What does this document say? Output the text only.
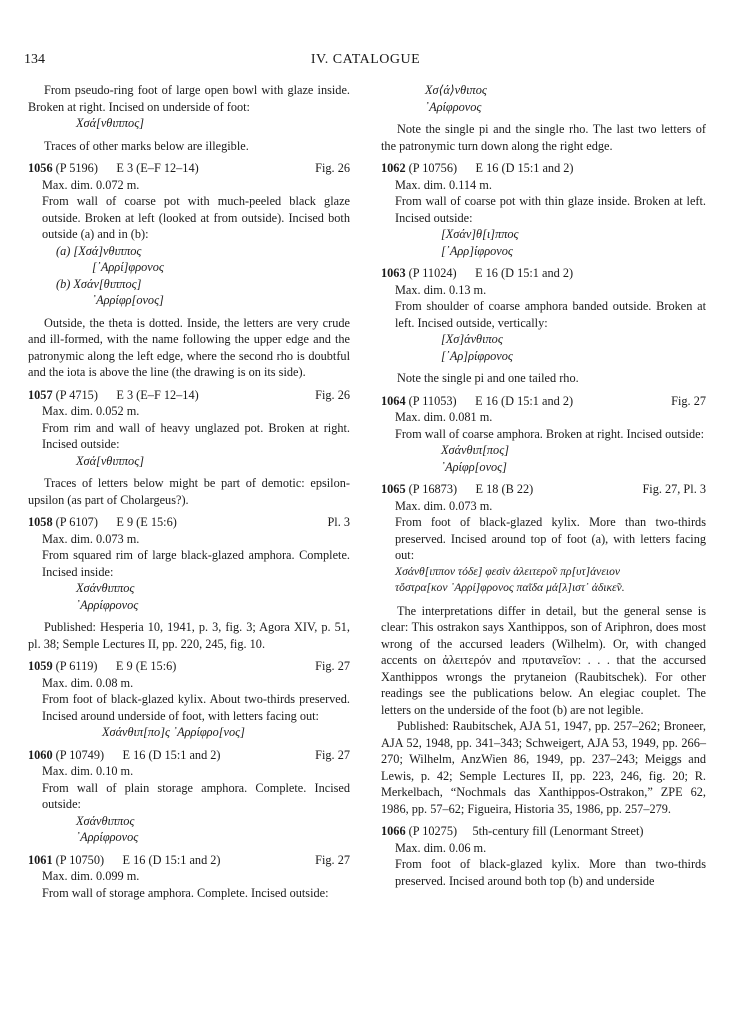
134	IV. CATALOGUE

From pseudo-ring foot of large open bowl with glaze inside. Broken at right. Incised on underside of foot:

Χσά[νθιππος]

Traces of other marks below are illegible.

1056 (P 5196) E 3 (E–F 12–14)	Fig. 26

Max. dim. 0.072 m.

From wall of coarse pot with much-peeled black glaze outside. Broken at left (looked at from outside). Incised both outside (a) and in (b):

(a) [Χσά]νθιππος
[᾿Αρρί]φρονος
(b) Χσάν[θιππος]
᾿Αρρίφρ[ονος]

Outside, the theta is dotted. Inside, the letters are very crude and ill-formed, with the name following the upper edge and the patronymic along the left edge, where the second rho is doubtful and the iota is above the line (the drawing is on its side).

1057 (P 4715) E 3 (E–F 12–14)	Fig. 26

Max. dim. 0.052 m.

From rim and wall of heavy unglazed pot. Broken at right. Incised outside:

Χσά[νθιππος]

Traces of letters below might be part of demotic: epsilon-upsilon (as part of Cholargeus?).

1058 (P 6107) E 9 (E 15:6)	Pl. 3

Max. dim. 0.073 m.

From squared rim of large black-glazed amphora. Complete. Incised inside:

Χσάνθιππος
᾿Αρρίφρονος

Published: Hesperia 10, 1941, p. 3, fig. 3; Agora XIV, p. 51, pl. 38; Semple Lectures II, pp. 220, 245, fig. 10.

1059 (P 6119) E 9 (E 15:6)	Fig. 27

Max. dim. 0.08 m.

From foot of black-glazed kylix. About two-thirds preserved. Incised around underside of foot, with letters facing out:

Χσάνθιπ[πο]ς ᾿Αρρίφρο[νος]
1060 (P 10749) E 16 (D 15:1 and 2)	Fig. 27

Max. dim. 0.10 m.

From wall of plain storage amphora. Complete. Incised outside:

Χσάνθιππος
᾿Αρρίφρονος
1061 (P 10750) E 16 (D 15:1 and 2)	Fig. 27

Max. dim. 0.099 m.

From wall of storage amphora. Complete. Incised outside:

Χσ⟨ά⟩νθιπος
᾿Αρίφρονος

Note the single pi and the single rho. The last two letters of the patronymic turn down along the right edge.

1062 (P 10756) E 16 (D 15:1 and 2)

Max. dim. 0.114 m.

From wall of coarse pot with thin glaze inside. Broken at left. Incised outside:

[Χσάν]θ[ι]ππος
[᾿Αρρ]ίφρονος
1063 (P 11024) E 16 (D 15:1 and 2)

Max. dim. 0.13 m.

From shoulder of coarse amphora banded outside. Broken at left. Incised outside, vertically:

[Χσ]άνθιπος
[᾿Αρ]ρίφρονος

Note the single pi and one tailed rho.

1064 (P 11053) E 16 (D 15:1 and 2)	Fig. 27

Max. dim. 0.081 m.

From wall of coarse amphora. Broken at right. Incised outside:

Χσάνθιπ[πος]
᾿Αρίφρ[ονος]
1065 (P 16873) E 18 (B 22)	Fig. 27, Pl. 3

Max. dim. 0.073 m.

From foot of black-glazed kylix. More than two-thirds preserved. Incised around top of foot (a), with letters facing out:

Χσάνθ[ιππον τόδε] φεσὶν ἀλειτερο̃ν πρ[υτ]άνειον
τὄστρα[κον ᾿Αρρί]φρονος παῖδα μά[λ]ιστ᾿ ἀδικε̃ν.

The interpretations differ in detail, but the general sense is clear: This ostrakon says Xanthippos, son of Ariphron, does most wrong of the accursed leaders (Wilhelm). Or, with changed accents on ἀλειτερόν and πρυτανεῖον: . . . that the accursed Xanthippos wrongs the prytaneion (Raubitschek). For other readings see the publications below. An elegiac couplet. The letters on the underside of the foot (b) are not legible.

Published: Raubitschek, AJA 51, 1947, pp. 257–262; Broneer, AJA 52, 1948, pp. 341–343; Schweigert, AJA 53, 1949, pp. 266–270; Wilhelm, AnzWien 86, 1949, pp. 237–243; Meiggs and Lewis, p. 42; Semple Lectures II, pp. 223, 246, fig. 20; R. Merkelbach, “Nochmals das Xanthippos-Ostrakon,” ZPE 62, 1986, pp. 57–62; Figueira, Historia 35, 1986, pp. 257–279.

1066 (P 10275) 5th-century fill (Lenormant Street)

Max. dim. 0.06 m.

From foot of black-glazed kylix. More than two-thirds preserved. Incised around both top (b) and underside
